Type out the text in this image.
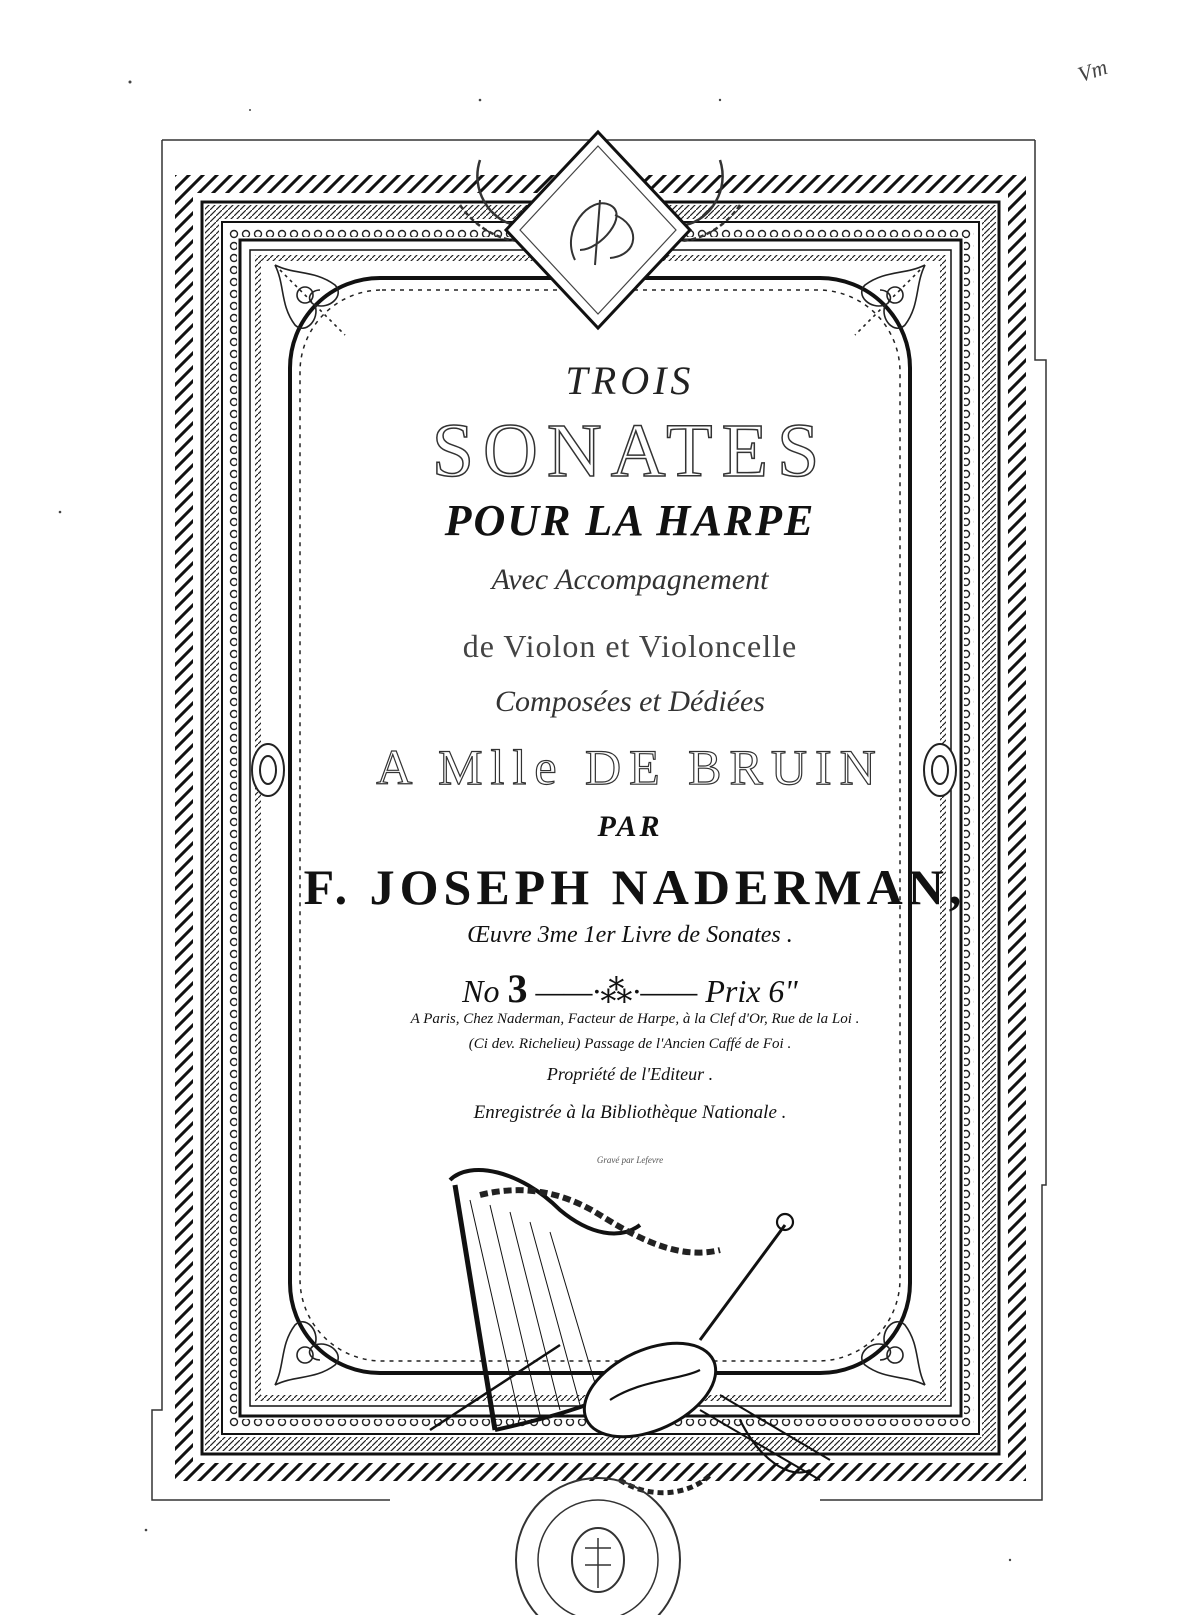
TROIS
SONATES
POUR LA HARPE
Avec Accompagnement
de Violon et Violoncelle
Composées et Dédiées
A Mlle DE BRUIN
PAR
F. JOSEPH NADERMAN,
Œuvre 3me 1er Livre de Sonates .
No 3 ——·⁂·—— Prix 6"
A Paris, Chez Naderman, Facteur de Harpe, à la Clef d'Or, Rue de la Loi .
(Ci dev. Richelieu) Passage de l'Ancien Caffé de Foi .
Propriété de l'Editeur .
Enregistrée à la Bibliothèque Nationale .
Gravé par Lefevre
Vm
